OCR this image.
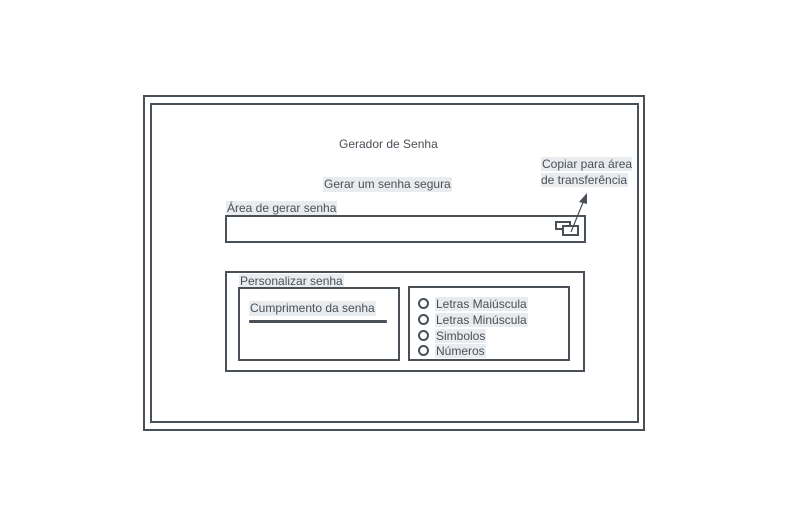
Gerador de Senha
Gerar um senha segura
Copiar para área de transferência
Área de gerar senha
Personalizar senha
Cumprimento da senha	Letras Maiúscula
Letras Minúscula
Simbolos
Números
